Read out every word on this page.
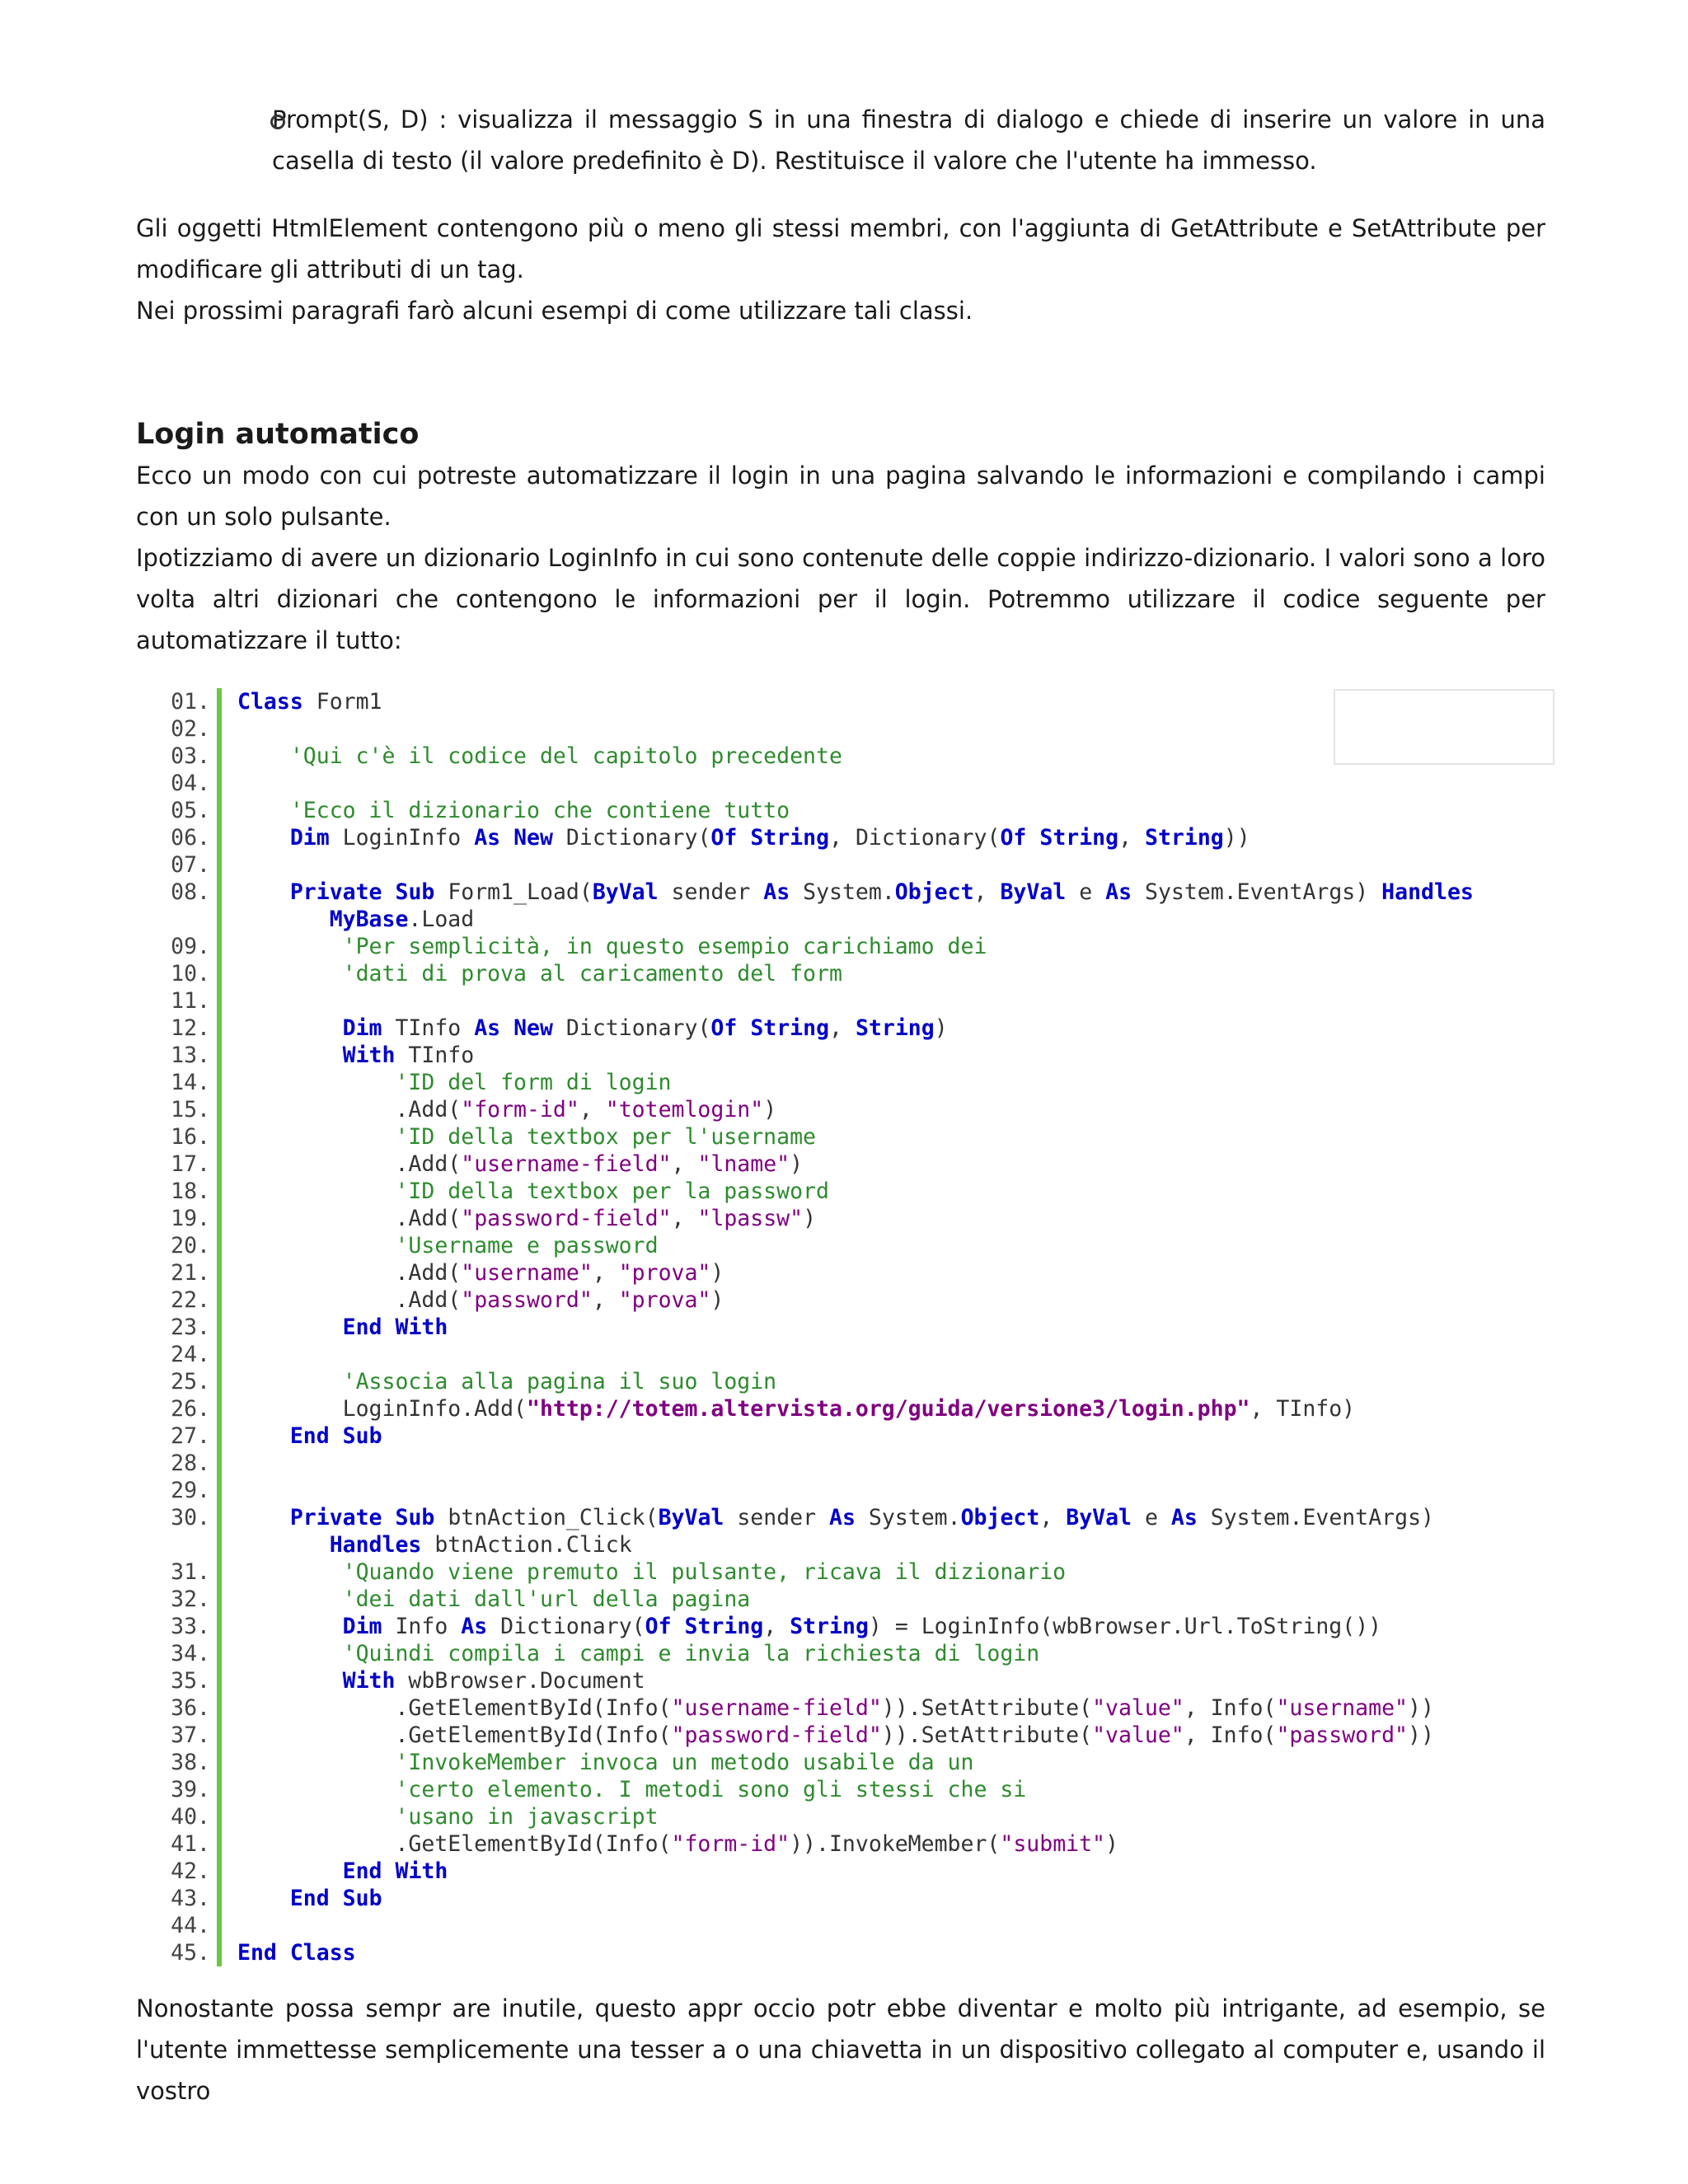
Prompt(S, D) : visualizza il messaggio S in una finestra di dialogo e chiede di inserire un valore in una casella di testo (il valore predefinito è D). Restituisce il valore che l'utente ha immesso.

Gli oggetti HtmlElement contengono più o meno gli stessi membri, con l'aggiunta di GetAttribute e SetAttribute per modificare gli attributi di un tag.

Nei prossimi paragrafi farò alcuni esempi di come utilizzare tali classi.

Login automatico

Ecco un modo con cui potreste automatizzare il login in una pagina salvando le informazioni e compilando i campi con un solo pulsante.

Ipotizziamo di avere un dizionario LoginInfo in cui sono contenute delle coppie indirizzo-dizionario. I valori sono a loro volta altri dizionari che contengono le informazioni per il login. Potremmo utilizzare il codice seguente per automatizzare il tutto:

01. Class Form1
02.
03.	'Qui c'è il codice del capitolo precedente
04.
05.	'Ecco il dizionario che contiene tutto
06.	Dim LoginInfo As New Dictionary(Of String, Dictionary(Of String, String))
07.
08.	Private Sub Form1_Load(ByVal sender As System.Object, ByVal e As System.EventArgs) Handles
MyBase.Load
09.	'Per semplicità, in questo esempio carichiamo dei
10.	'dati di prova al caricamento del form
11.
12.	Dim TInfo As New Dictionary(Of String, String)
13.	With TInfo
14.	'ID del form di login
15. .Add("form-id", "totemlogin")
16.	'ID della textbox per l'username
17. .Add("username-field", "lname")
18.	'ID della textbox per la password
19. .Add("password-field", "lpassw")
20.	'Username e password
21. .Add("username", "prova")
22. .Add("password", "prova")
23.	End With
24.
25.	'Associa alla pagina il suo login
26. LoginInfo.Add("http://totem.altervista.org/guida/versione3/login.php", TInfo)
27.	End Sub
28.
29.
30.	Private Sub btnAction_Click(ByVal sender As System.Object, ByVal e As System.EventArgs)
Handles btnAction.Click
31.	'Quando viene premuto il pulsante, ricava il dizionario
32.	'dei dati dall'url della pagina
33.	Dim Info As Dictionary(Of String, String) = LoginInfo(wbBrowser.Url.ToString())
34.	'Quindi compila i campi e invia la richiesta di login
35.	With wbBrowser.Document
36. .GetElementById(Info("username-field")).SetAttribute("value", Info("username"))
37. .GetElementById(Info("password-field")).SetAttribute("value", Info("password"))
38.	'InvokeMember invoca un metodo usabile da un
39.	'certo elemento. I metodi sono gli stessi che si
40.	'usano in javascript
41. .GetElementById(Info("form-id")).InvokeMember("submit")
42.	End With
43.	End Sub
44.
45. End Class

Nonostante possa sempr are inutile, questo appr occio potr ebbe diventar e molto più intrigante, ad esempio, se l'utente immettesse semplicemente una tesser a o una chiavetta in un dispositivo collegato al computer e, usando il vostro
